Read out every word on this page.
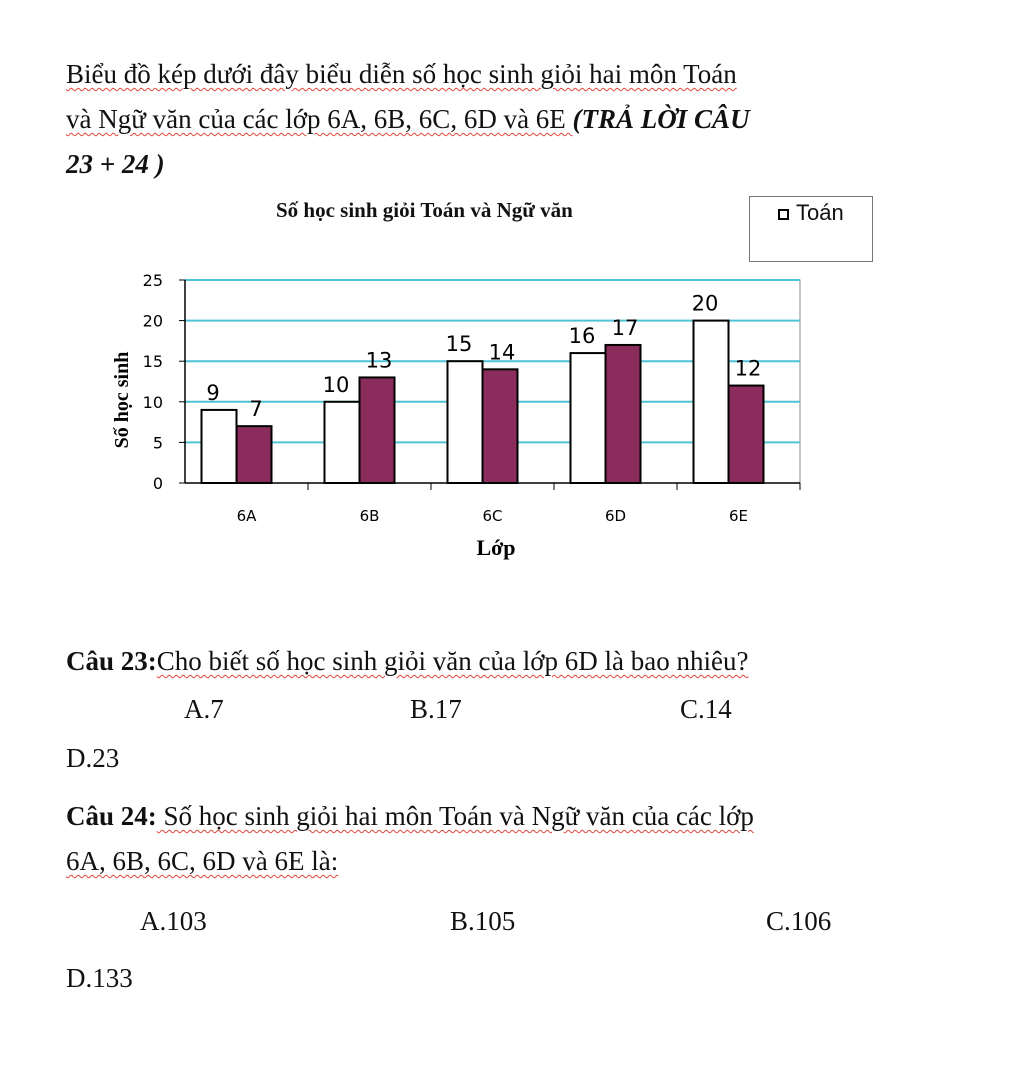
Biểu đồ kép dưới đây biểu diễn số học sinh giỏi hai môn Toán
và Ngữ văn của các lớp 6A, 6B, 6C, 6D và 6E (TRẢ LỜI CÂU
23 + 24 )
Số học sinh giỏi Toán và Ngữ văn	Toán
9
7
10
13
15 14
16 17
20
12
0
5
10
15
20
25
6A	6B	6C	6D	6E
Số học sinh
Lớp
Câu 23:Cho biết số học sinh giỏi văn của lớp 6D là bao nhiêu?
A.7	B.17	C.14
D.23
Câu 24: Số học sinh giỏi hai môn Toán và Ngữ văn của các lớp
6A, 6B, 6C, 6D và 6E là:
A.103	B.105	C.106
D.133
